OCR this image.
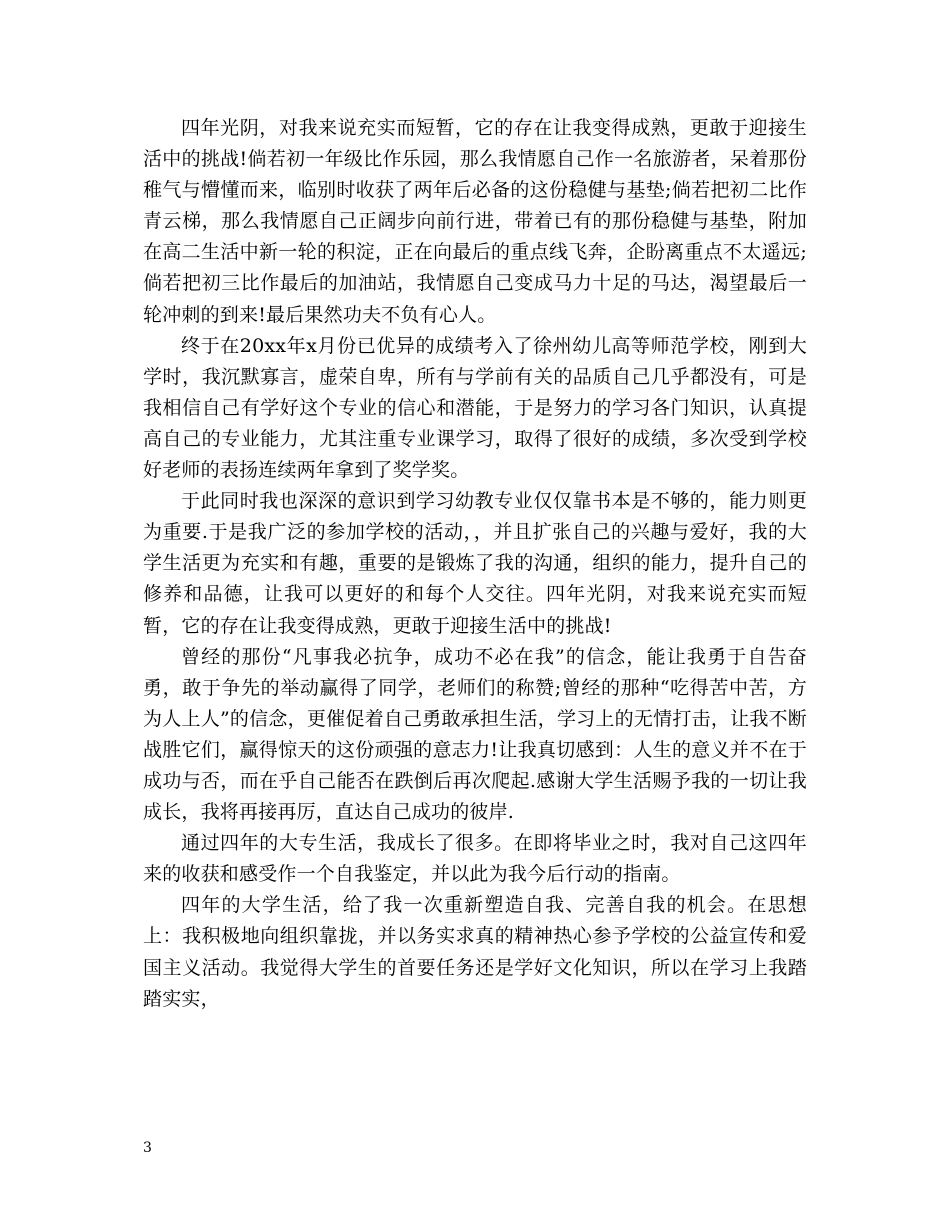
四年光阴，对我来说充实而短暂，它的存在让我变得成熟，更敢于迎接生活中的挑战!倘若初一年级比作乐园，那么我情愿自己作一名旅游者，呆着那份稚气与懵懂而来，临别时收获了两年后必备的这份稳健与基垫;倘若把初二比作青云梯，那么我情愿自己正阔步向前行进，带着已有的那份稳健与基垫，附加在高二生活中新一轮的积淀，正在向最后的重点线飞奔，企盼离重点不太遥远;倘若把初三比作最后的加油站，我情愿自己变成马力十足的马达，渴望最后一轮冲刺的到来!最后果然功夫不负有心人。

终于在20xx年x月份已优异的成绩考入了徐州幼儿高等师范学校，刚到大学时，我沉默寡言，虚荣自卑，所有与学前有关的品质自己几乎都没有，可是我相信自己有学好这个专业的信心和潜能，于是努力的学习各门知识，认真提高自己的专业能力，尤其注重专业课学习，取得了很好的成绩，多次受到学校好老师的表扬连续两年拿到了奖学奖。

于此同时我也深深的意识到学习幼教专业仅仅靠书本是不够的，能力则更为重要.于是我广泛的参加学校的活动，，并且扩张自己的兴趣与爱好，我的大学生活更为充实和有趣，重要的是锻炼了我的沟通，组织的能力，提升自己的修养和品德，让我可以更好的和每个人交往。四年光阴，对我来说充实而短暂，它的存在让我变得成熟，更敢于迎接生活中的挑战!

曾经的那份“凡事我必抗争，成功不必在我”的信念，能让我勇于自告奋勇，敢于争先的举动赢得了同学，老师们的称赞;曾经的那种“吃得苦中苦，方为人上人”的信念，更催促着自己勇敢承担生活，学习上的无情打击，让我不断战胜它们，赢得惊天的这份顽强的意志力!让我真切感到：人生的意义并不在于成功与否，而在乎自己能否在跌倒后再次爬起.感谢大学生活赐予我的一切让我成长，我将再接再厉，直达自己成功的彼岸.

通过四年的大专生活，我成长了很多。在即将毕业之时，我对自己这四年来的收获和感受作一个自我鉴定，并以此为我今后行动的指南。

四年的大学生活，给了我一次重新塑造自我、完善自我的机会。在思想上：我积极地向组织靠拢，并以务实求真的精神热心参予学校的公益宣传和爱国主义活动。我觉得大学生的首要任务还是学好文化知识，所以在学习上我踏踏实实，

3
